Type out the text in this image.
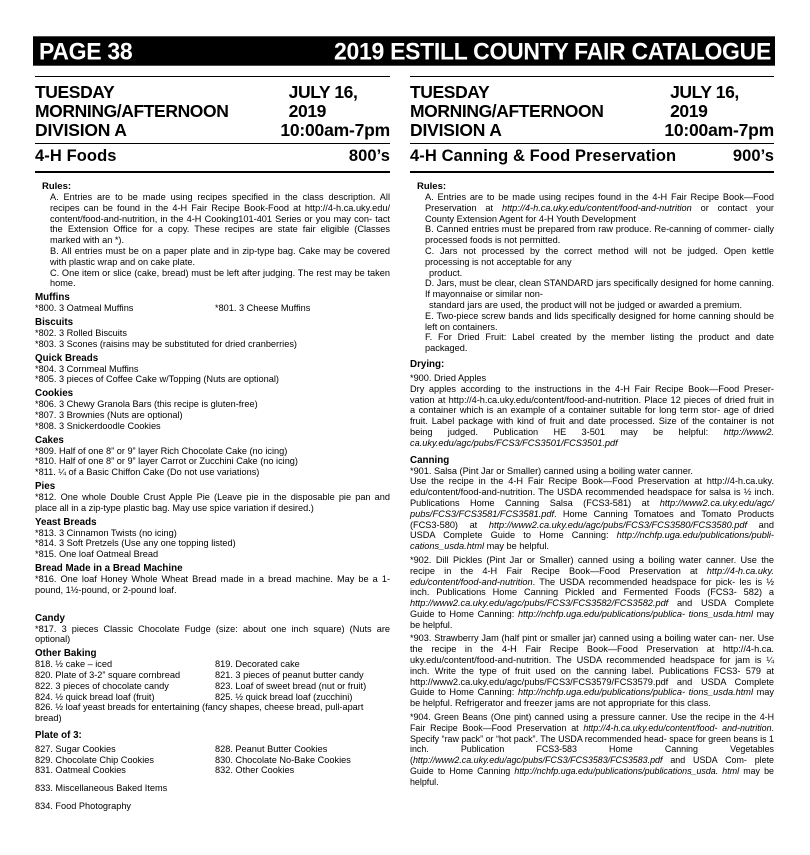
PAGE 38	2019 ESTILL COUNTY FAIR CATALOGUE
TUESDAY MORNING/AFTERNOON
JULY 16, 2019
DIVISION A	10:00am-7pm
4-H Foods	800’s
Rules:

A. Entries are to be made using recipes specified in the class description. All recipes can be found in the 4-H Fair Recipe Book-Food at http://4-h.ca.uky.edu/ content/food-and-nutrition, in the 4-H Cooking101-401 Series or you may con- tact the Extension Office for a copy. These recipes are state fair eligible (Classes marked with an *).

B. All entries must be on a paper plate and in zip-type bag. Cake may be covered with plastic wrap and on cake plate.

C. One item or slice (cake, bread) must be left after judging. The rest may be taken home.

Muffins
*800. 3 Oatmeal Muffins	*801. 3 Cheese Muffins
Biscuits
*802. 3 Rolled Biscuits
*803. 3 Scones (raisins may be substituted for dried cranberries)
Quick Breads
*804. 3 Cornmeal Muffins
*805. 3 pieces of Coffee Cake w/Topping (Nuts are optional)
Cookies
*806. 3 Chewy Granola Bars (this recipe is gluten-free)
*807. 3 Brownies (Nuts are optional)
*808. 3 Snickerdoodle Cookies
Cakes
*809. Half of one 8” or 9” layer Rich Chocolate Cake (no icing)
*810. Half of one 8” or 9” layer Carrot or Zucchini Cake (no icing)
*811. ¼ of a Basic Chiffon Cake (Do not use variations)
Pies
*812. One whole Double Crust Apple Pie (Leave pie in the disposable pie pan and place all in a zip-type plastic bag. May use spice variation if desired.)
Yeast Breads
*813. 3 Cinnamon Twists (no icing)
*814. 3 Soft Pretzels (Use any one topping listed)
*815. One loaf Oatmeal Bread
Bread Made in a Bread Machine
*816. One loaf Honey Whole Wheat Bread made in a bread machine. May be a 1- pound, 1½-pound, or 2-pound loaf.
Candy
*817. 3 pieces Classic Chocolate Fudge (size: about one inch square) (Nuts are optional)
Other Baking
818. ½ cake – iced	819. Decorated cake
820. Plate of 3-2” square cornbread	821. 3 pieces of peanut butter candy
822. 3 pieces of chocolate candy	823. Loaf of sweet bread (nut or fruit)
824. ½ quick bread loaf (fruit)	825. ½ quick bread loaf (zucchini)
826. ½ loaf yeast breads for entertaining (fancy shapes, cheese bread, pull-apart bread)
Plate of 3:
827. Sugar Cookies	828. Peanut Butter Cookies
829. Chocolate Chip Cookies	830. Chocolate No-Bake Cookies
831. Oatmeal Cookies	832. Other Cookies
833. Miscellaneous Baked Items
834. Food Photography
TUESDAY MORNING/AFTERNOON
JULY 16, 2019
DIVISION A	10:00am-7pm
4-H Canning & Food Preservation	900’s
Rules:

A. Entries are to be made using recipes found in the 4-H Fair Recipe Book—Food Preservation at http://4-h.ca.uky.edu/content/food-and-nutrition or contact your County Extension Agent for 4-H Youth Development

B. Canned entries must be prepared from raw produce. Re-canning of commer- cially processed foods is not permitted.

C. Jars not processed by the correct method will not be judged. Open kettle processing is not acceptable for any

product.

D. Jars, must be clear, clean STANDARD jars specifically designed for home canning. If mayonnaise or similar non-

standard jars are used, the product will not be judged or awarded a premium.

E. Two-piece screw bands and lids specifically designed for home canning should be left on containers.

F. For Dried Fruit: Label created by the member listing the product and date packaged.

Drying:
*900. Dried Apples
Dry apples according to the instructions in the 4-H Fair Recipe Book—Food Preser- vation at http://4-h.ca.uky.edu/content/food-and-nutrition. Place 12 pieces of dried fruit in a container which is an example of a container suitable for long term stor- age of dried fruit. Label package with kind of fruit and date processed. Size of the container is not being judged. Publication HE 3-501 may be helpful: http://www2. ca.uky.edu/agc/pubs/FCS3/FCS3501/FCS3501.pdf
Canning
*901. Salsa (Pint Jar or Smaller) canned using a boiling water canner.
Use the recipe in the 4-H Fair Recipe Book—Food Preservation at http://4-h.ca.uky. edu/content/food-and-nutrition. The USDA recommended headspace for salsa is ½ inch. Publications Home Canning Salsa (FCS3-581) at http://www2.ca.uky.edu/agc/ pubs/FCS3/FCS3581/FCS3581.pdf. Home Canning Tomatoes and Tomato Products (FCS3-580) at http://www2.ca.uky.edu/agc/pubs/FCS3/FCS3580/FCS3580.pdf and USDA Complete Guide to Home Canning: http://nchfp.uga.edu/publications/publi- cations_usda.html may be helpful.
*902. Dill Pickles (Pint Jar or Smaller) canned using a boiling water canner. Use the recipe in the 4-H Fair Recipe Book—Food Preservation at http://4-h.ca.uky. edu/content/food-and-nutrition. The USDA recommended headspace for pick- les is ½ inch. Publications Home Canning Pickled and Fermented Foods (FCS3- 582) a http://www2.ca.uky.edu/agc/pubs/FCS3/FCS3582/FCS3582.pdf and USDA Complete Guide to Home Canning: http://nchfp.uga.edu/publications/publica- tions_usda.html may be helpful.
*903. Strawberry Jam (half pint or smaller jar) canned using a boiling water can- ner. Use the recipe in the 4-H Fair Recipe Book—Food Preservation at http://4-h.ca. uky.edu/content/food-and-nutrition. The USDA recommended headspace for jam is ¼ inch. Write the type of fruit used on the canning label. Publications FCS3- 579 at http://www2.ca.uky.edu/agc/pubs/FCS3/FCS3579/FCS3579.pdf and USDA Complete Guide to Home Canning: http://nchfp.uga.edu/publications/publica- tions_usda.html may be helpful. Refrigerator and freezer jams are not appropriate for this class.
*904. Green Beans (One pint) canned using a pressure canner. Use the recipe in the 4-H Fair Recipe Book—Food Preservation at http://4-h.ca.uky.edu/content/food- and-nutrition. Specify “raw pack” or “hot pack”. The USDA recommended head- space for green beans is 1 inch. Publication FCS3-583 Home Canning Vegetables (http://www2.ca.uky.edu/agc/pubs/FCS3/FCS3583/FCS3583.pdf and USDA Com- plete Guide to Home Canning http://nchfp.uga.edu/publications/publications_usda. html may be helpful.
